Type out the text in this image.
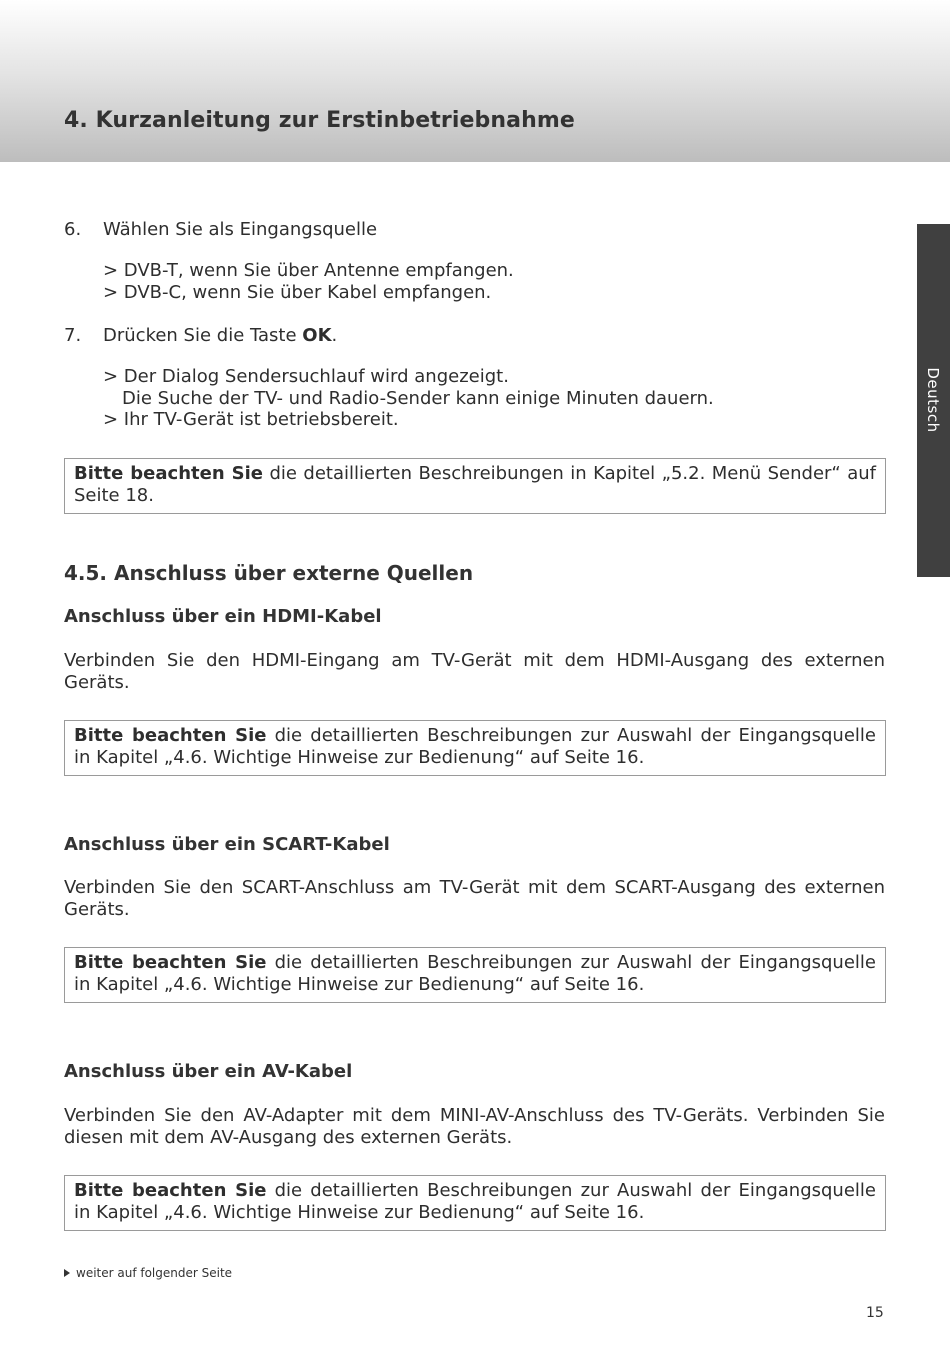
4. Kurzanleitung zur Erstinbetriebnahme
Deutsch
6. Wählen Sie als Eingangsquelle
> DVB-T, wenn Sie über Antenne empfangen.
> DVB-C, wenn Sie über Kabel empfangen.
7. Drücken Sie die Taste OK.
> Der Dialog Sendersuchlauf wird angezeigt.
Die Suche der TV- und Radio-Sender kann einige Minuten dauern.
> Ihr TV-Gerät ist betriebsbereit.
Bitte beachten Sie die detaillierten Beschreibungen in Kapitel „5.2. Menü Sender“ auf Seite 18.
4.5. Anschluss über externe Quellen
Anschluss über ein HDMI-Kabel
Verbinden Sie den HDMI-Eingang am TV-Gerät mit dem HDMI-Ausgang des externen Geräts.
Bitte beachten Sie die detaillierten Beschreibungen zur Auswahl der Eingangsquelle in Kapitel „4.6. Wichtige Hinweise zur Bedienung“ auf Seite 16.
Anschluss über ein SCART-Kabel
Verbinden Sie den SCART-Anschluss am TV-Gerät mit dem SCART-Ausgang des externen Geräts.
Bitte beachten Sie die detaillierten Beschreibungen zur Auswahl der Eingangsquelle in Kapitel „4.6. Wichtige Hinweise zur Bedienung“ auf Seite 16.
Anschluss über ein AV-Kabel
Verbinden Sie den AV-Adapter mit dem MINI-AV-Anschluss des TV-Geräts. Verbinden Sie diesen mit dem AV-Ausgang des externen Geräts.
Bitte beachten Sie die detaillierten Beschreibungen zur Auswahl der Eingangsquelle in Kapitel „4.6. Wichtige Hinweise zur Bedienung“ auf Seite 16.
weiter auf folgender Seite
15
